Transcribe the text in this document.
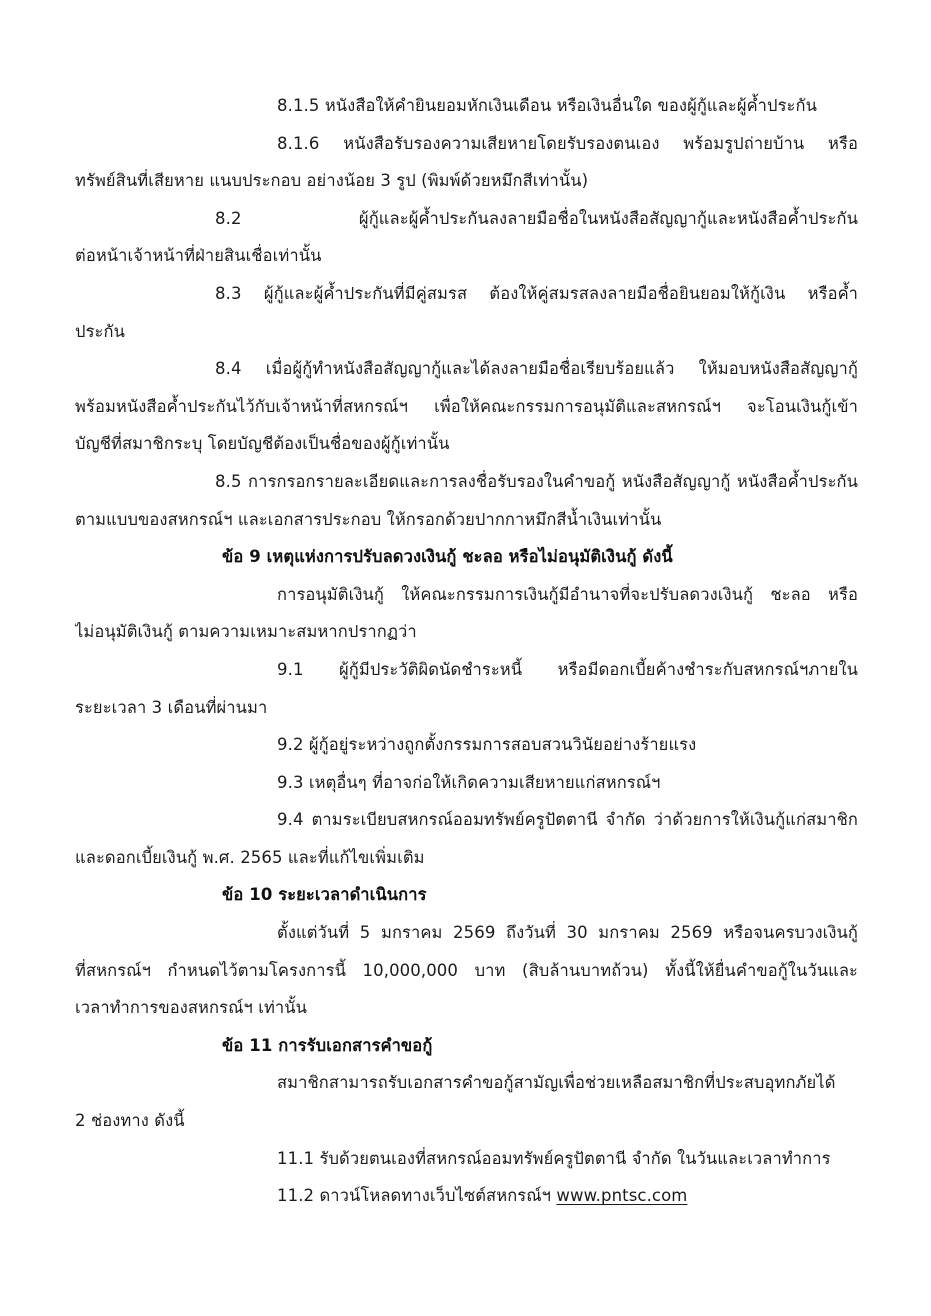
8.1.5 หนังสือให้คำยินยอมหักเงินเดือน หรือเงินอื่นใด ของผู้กู้และผู้ค้ำประกัน
8.1.6 หนังสือรับรองความเสียหายโดยรับรองตนเอง พร้อมรูปถ่ายบ้าน หรือ
ทรัพย์สินที่เสียหาย แนบประกอบ อย่างน้อย 3 รูป (พิมพ์ด้วยหมึกสีเท่านั้น)
8.2 ผู้กู้และผู้ค้ำประกันลงลายมือชื่อในหนังสือสัญญากู้และหนังสือค้ำประกัน
ต่อหน้าเจ้าหน้าที่ฝ่ายสินเชื่อเท่านั้น
8.3 ผู้กู้และผู้ค้ำประกันที่มีคู่สมรส ต้องให้คู่สมรสลงลายมือชื่อยินยอมให้กู้เงิน หรือค้ำ
ประกัน
8.4 เมื่อผู้กู้ทำหนังสือสัญญากู้และได้ลงลายมือชื่อเรียบร้อยแล้ว ให้มอบหนังสือสัญญากู้
พร้อมหนังสือค้ำประกันไว้กับเจ้าหน้าที่สหกรณ์ฯ เพื่อให้คณะกรรมการอนุมัติและสหกรณ์ฯ จะโอนเงินกู้เข้า
บัญชีที่สมาชิกระบุ โดยบัญชีต้องเป็นชื่อของผู้กู้เท่านั้น
8.5 การกรอกรายละเอียดและการลงชื่อรับรองในคำขอกู้ หนังสือสัญญากู้ หนังสือค้ำประกัน
ตามแบบของสหกรณ์ฯ และเอกสารประกอบ ให้กรอกด้วยปากกาหมึกสีน้ำเงินเท่านั้น
ข้อ 9 เหตุแห่งการปรับลดวงเงินกู้ ชะลอ หรือไม่อนุมัติเงินกู้ ดังนี้
การอนุมัติเงินกู้ ให้คณะกรรมการเงินกู้มีอำนาจที่จะปรับลดวงเงินกู้ ชะลอ หรือ
ไม่อนุมัติเงินกู้ ตามความเหมาะสมหากปรากฏว่า
9.1 ผู้กู้มีประวัติผิดนัดชำระหนี้ หรือมีดอกเบี้ยค้างชำระกับสหกรณ์ฯภายใน
ระยะเวลา 3 เดือนที่ผ่านมา
9.2 ผู้กู้อยู่ระหว่างถูกตั้งกรรมการสอบสวนวินัยอย่างร้ายแรง
9.3 เหตุอื่นๆ ที่อาจก่อให้เกิดความเสียหายแก่สหกรณ์ฯ
9.4 ตามระเบียบสหกรณ์ออมทรัพย์ครูปัตตานี จำกัด ว่าด้วยการให้เงินกู้แก่สมาชิก
และดอกเบี้ยเงินกู้ พ.ศ. 2565 และที่แก้ไขเพิ่มเติม
ข้อ 10 ระยะเวลาดำเนินการ
ตั้งแต่วันที่ 5 มกราคม 2569 ถึงวันที่ 30 มกราคม 2569 หรือจนครบวงเงินกู้
ที่สหกรณ์ฯ กำหนดไว้ตามโครงการนี้ 10,000,000 บาท (สิบล้านบาทถ้วน) ทั้งนี้ให้ยื่นคำขอกู้ในวันและ
เวลาทำการของสหกรณ์ฯ เท่านั้น
ข้อ 11 การรับเอกสารคำขอกู้
สมาชิกสามารถรับเอกสารคำขอกู้สามัญเพื่อช่วยเหลือสมาชิกที่ประสบอุทกภัยได้
2 ช่องทาง ดังนี้
11.1 รับด้วยตนเองที่สหกรณ์ออมทรัพย์ครูปัตตานี จำกัด ในวันและเวลาทำการ
11.2 ดาวน์โหลดทางเว็บไซต์สหกรณ์ฯ www.pntsc.com
